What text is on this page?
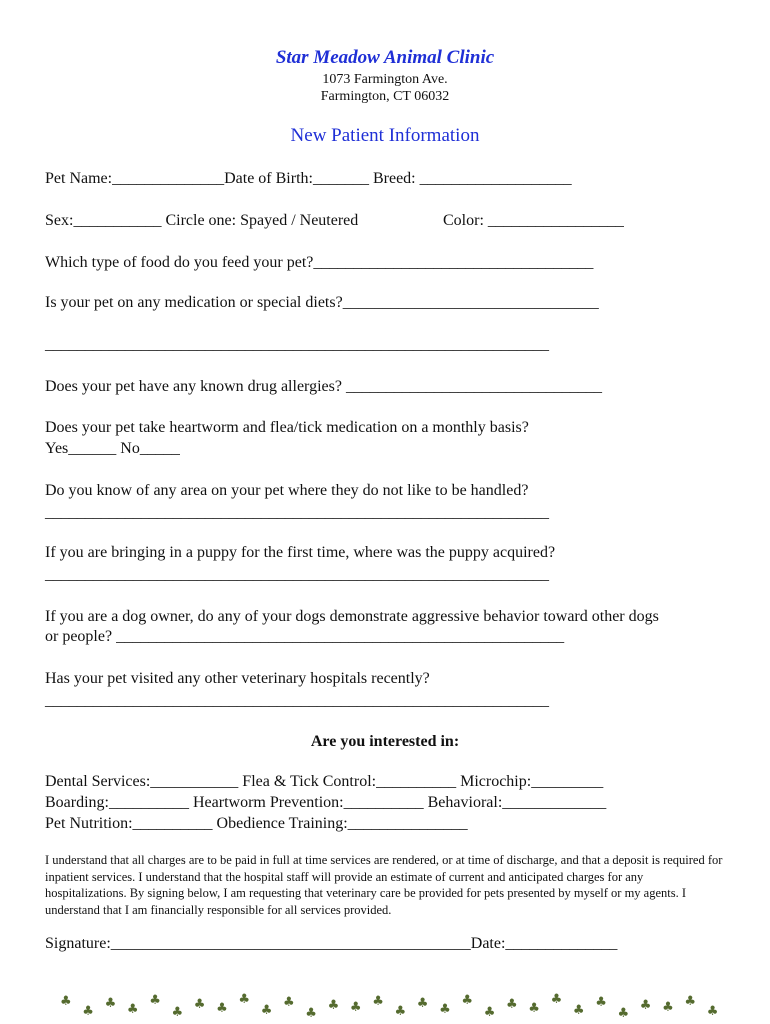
Star Meadow Animal Clinic
1073 Farmington Ave.
Farmington, CT 06032
New Patient Information
Pet Name:______________Date of Birth:_______ Breed: ___________________
Sex:___________ Circle one: Spayed / Neutered	Color: _________________
Which type of food do you feed your pet?___________________________________
Is your pet on any medication or special diets?________________________________
_______________________________________________________________
Does your pet have any known drug allergies? ________________________________
Does your pet take heartworm and flea/tick medication on a monthly basis?
Yes______ No_____
Do you know of any area on your pet where they do not like to be handled?
_______________________________________________________________
If you are bringing in a puppy for the first time, where was the puppy acquired?
_______________________________________________________________
If you are a dog owner, do any of your dogs demonstrate aggressive behavior toward other dogs
or people? ________________________________________________________
Has your pet visited any other veterinary hospitals recently?
_______________________________________________________________
Are you interested in:
Dental Services:___________ Flea & Tick Control:__________ Microchip:_________
Boarding:__________ Heartworm Prevention:__________ Behavioral:_____________
Pet Nutrition:__________ Obedience Training:_______________
I understand that all charges are to be paid in full at time services are rendered, or at time of discharge, and that a deposit is required for inpatient services. I understand that the hospital staff will provide an estimate of current and anticipated charges for any hospitalizations. By signing below, I am requesting that veterinary care be provided for pets presented by myself or my agents. I understand that I am financially responsible for all services provided.
Signature:_____________________________________________Date:______________
♣
♣
♣ ♣
♣
♣
♣ ♣
♣
♣
♣
♣
♣ ♣ ♣
♣
♣ ♣
♣
♣
♣ ♣
♣
♣
♣
♣
♣ ♣ ♣
♣
